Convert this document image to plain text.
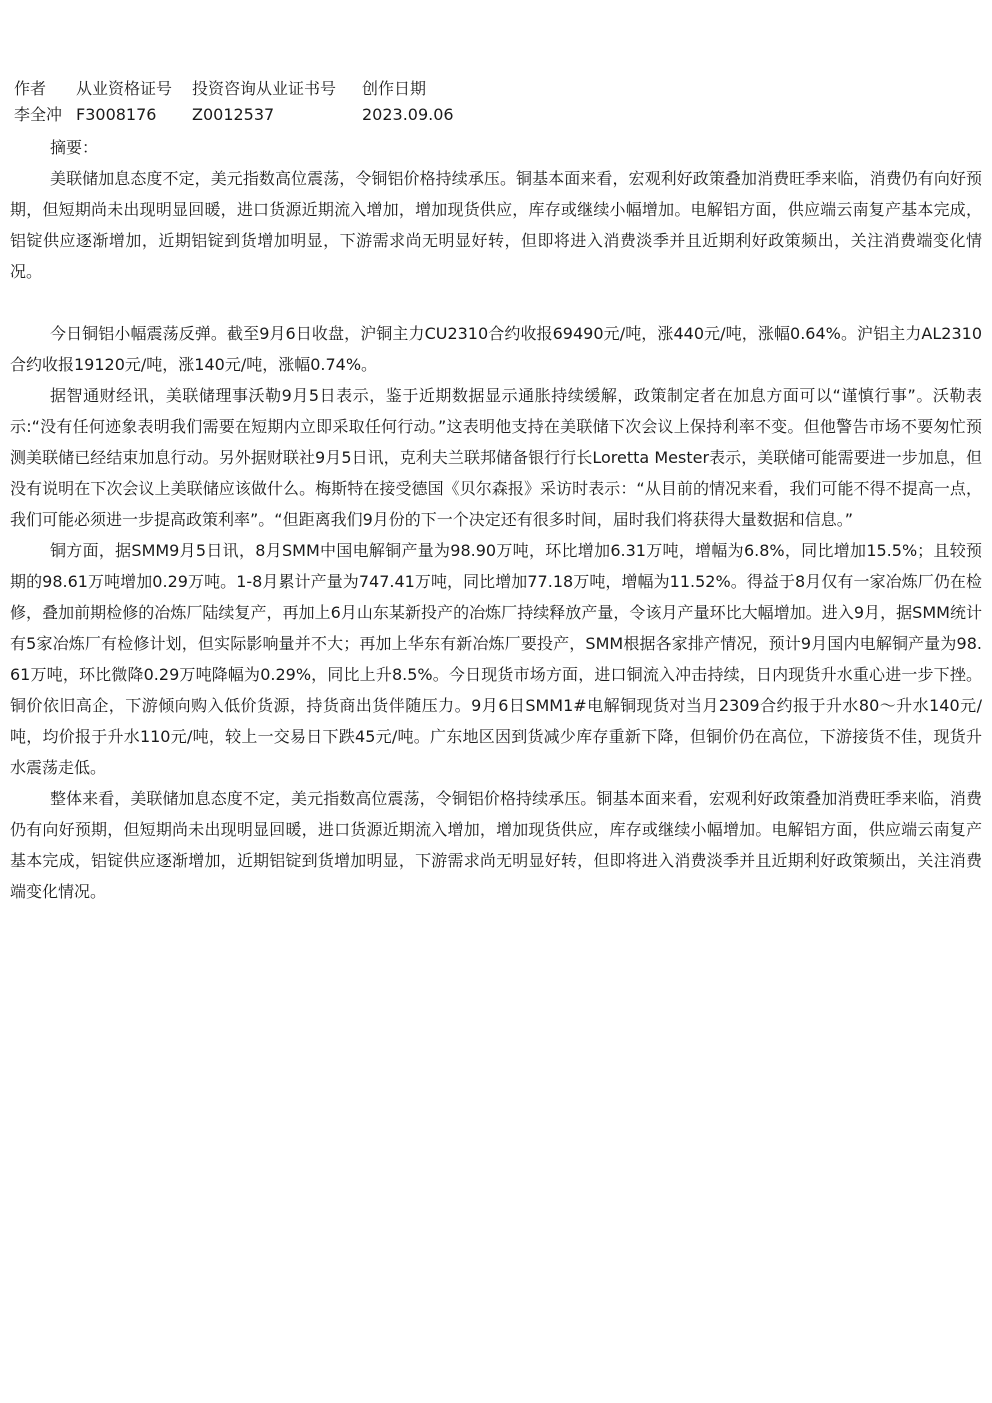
作者 从业资格证号 投资咨询从业证书号 创作日期
李全冲 F3008176 Z0012537	2023.09.06

摘要：

美联储加息态度不定，美元指数高位震荡，令铜铝价格持续承压。铜基本面来看，宏观利好政策叠加消费旺季来临，消费仍有向好预期，但短期尚未出现明显回暖，进口货源近期流入增加，增加现货供应，库存或继续小幅增加。电解铝方面，供应端云南复产基本完成，铝锭供应逐渐增加，近期铝锭到货增加明显，下游需求尚无明显好转，但即将进入消费淡季并且近期利好政策频出，关注消费端变化情况。

今日铜铝小幅震荡反弹。截至9月6日收盘，沪铜主力CU2310合约收报69490元/吨，涨440元/吨，涨幅0.64%。沪铝主力AL2310合约收报19120元/吨，涨140元/吨，涨幅0.74%。

据智通财经讯，美联储理事沃勒9月5日表示，鉴于近期数据显示通胀持续缓解，政策制定者在加息方面可以“谨慎行事”。沃勒表示:“没有任何迹象表明我们需要在短期内立即采取任何行动。”这表明他支持在美联储下次会议上保持利率不变。但他警告市场不要匆忙预测美联储已经结束加息行动。另外据财联社9月5日讯，克利夫兰联邦储备银行行长Loretta Mester表示，美联储可能需要进一步加息，但没有说明在下次会议上美联储应该做什么。梅斯特在接受德国《贝尔森报》采访时表示：“从目前的情况来看，我们可能不得不提高一点，我们可能必须进一步提高政策利率”。“但距离我们9月份的下一个决定还有很多时间，届时我们将获得大量数据和信息。”

铜方面，据SMM9月5日讯，8月SMM中国电解铜产量为98.90万吨，环比增加6.31万吨，增幅为6.8%，同比增加15.5%；且较预期的98.61万吨增加0.29万吨。1-8月累计产量为747.41万吨，同比增加77.18万吨，增幅为11.52%。得益于8月仅有一家冶炼厂仍在检修，叠加前期检修的冶炼厂陆续复产，再加上6月山东某新投产的冶炼厂持续释放产量，令该月产量环比大幅增加。进入9月，据SMM统计有5家冶炼厂有检修计划，但实际影响量并不大；再加上华东有新冶炼厂要投产，SMM根据各家排产情况，预计9月国内电解铜产量为98.61万吨，环比微降0.29万吨降幅为0.29%，同比上升8.5%。今日现货市场方面，进口铜流入冲击持续，日内现货升水重心进一步下挫。铜价依旧高企，下游倾向购入低价货源，持货商出货伴随压力。9月6日SMM1#电解铜现货对当月2309合约报于升水80～升水140元/吨，均价报于升水110元/吨，较上一交易日下跌45元/吨。广东地区因到货减少库存重新下降，但铜价仍在高位，下游接货不佳，现货升水震荡走低。

整体来看，美联储加息态度不定，美元指数高位震荡，令铜铝价格持续承压。铜基本面来看，宏观利好政策叠加消费旺季来临，消费仍有向好预期，但短期尚未出现明显回暖，进口货源近期流入增加，增加现货供应，库存或继续小幅增加。电解铝方面，供应端云南复产基本完成，铝锭供应逐渐增加，近期铝锭到货增加明显，下游需求尚无明显好转，但即将进入消费淡季并且近期利好政策频出，关注消费端变化情况。
